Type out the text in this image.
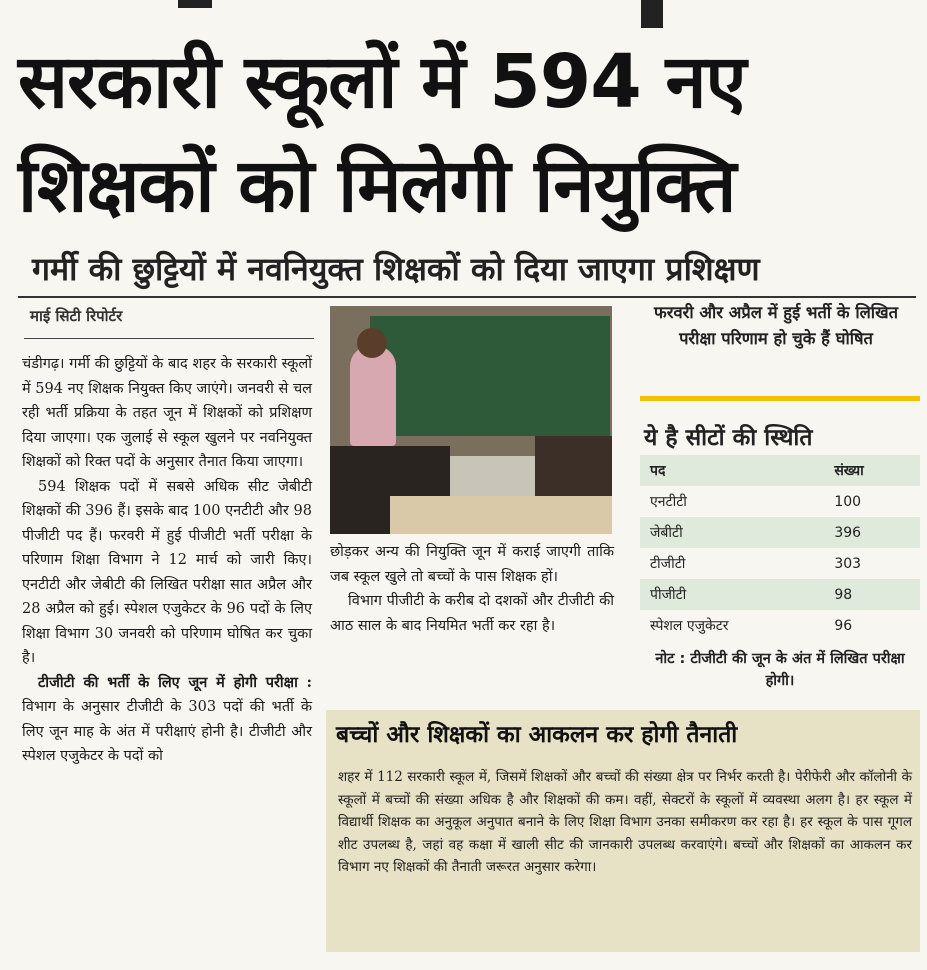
सरकारी स्कूलों में 594 नए
शिक्षकों को मिलेगी नियुक्ति
गर्मी की छुट्टियों में नवनियुक्त शिक्षकों को दिया जाएगा प्रशिक्षण
माई सिटी रिपोर्टर

चंडीगढ़। गर्मी की छुट्टियों के बाद शहर के सरकारी स्कूलों में 594 नए शिक्षक नियुक्त किए जाएंगे। जनवरी से चल रही भर्ती प्रक्रिया के तहत जून में शिक्षकों को प्रशिक्षण दिया जाएगा। एक जुलाई से स्कूल खुलने पर नवनियुक्त शिक्षकों को रिक्त पदों के अनुसार तैनात किया जाएगा।

594 शिक्षक पदों में सबसे अधिक सीट जेबीटी शिक्षकों की 396 हैं। इसके बाद 100 एनटीटी और 98 पीजीटी पद हैं। फरवरी में हुई पीजीटी भर्ती परीक्षा के परिणाम शिक्षा विभाग ने 12 मार्च को जारी किए। एनटीटी और जेबीटी की लिखित परीक्षा सात अप्रैल और 28 अप्रैल को हुई। स्पेशल एजुकेटर के 96 पदों के लिए शिक्षा विभाग 30 जनवरी को परिणाम घोषित कर चुका है।

टीजीटी की भर्ती के लिए जून में होगी परीक्षा : विभाग के अनुसार टीजीटी के 303 पदों की भर्ती के लिए जून माह के अंत में परीक्षाएं होनी है। टीजीटी और स्पेशल एजुकेटर के पदों को

छोड़कर अन्य की नियुक्ति जून में कराई जाएगी ताकि जब स्कूल खुले तो बच्चों के पास शिक्षक हों।

विभाग पीजीटी के करीब दो दशकों और टीजीटी की आठ साल के बाद नियमित भर्ती कर रहा है।

फरवरी और अप्रैल में हुई भर्ती के लिखित परीक्षा परिणाम हो चुके हैं घोषित
ये है सीटों की स्थिति
पद	संख्या
एनटीटी	100
जेबीटी	396
टीजीटी	303
पीजीटी	98
स्पेशल एजुकेटर	96
नोट : टीजीटी की जून के अंत में लिखित परीक्षा होगी।
बच्चों और शिक्षकों का आकलन कर होगी तैनाती
शहर में 112 सरकारी स्कूल में, जिसमें शिक्षकों और बच्चों की संख्या क्षेत्र पर निर्भर करती है। पेरीफेरी और कॉलोनी के स्कूलों में बच्चों की संख्या अधिक है और शिक्षकों की कम। वहीं, सेक्टरों के स्कूलों में व्यवस्था अलग है। हर स्कूल में विद्यार्थी शिक्षक का अनुकूल अनुपात बनाने के लिए शिक्षा विभाग उनका समीकरण कर रहा है। हर स्कूल के पास गूगल शीट उपलब्ध है, जहां वह कक्षा में खाली सीट की जानकारी उपलब्ध करवाएंगे। बच्चों और शिक्षकों का आकलन कर विभाग नए शिक्षकों की तैनाती जरूरत अनुसार करेगा।
